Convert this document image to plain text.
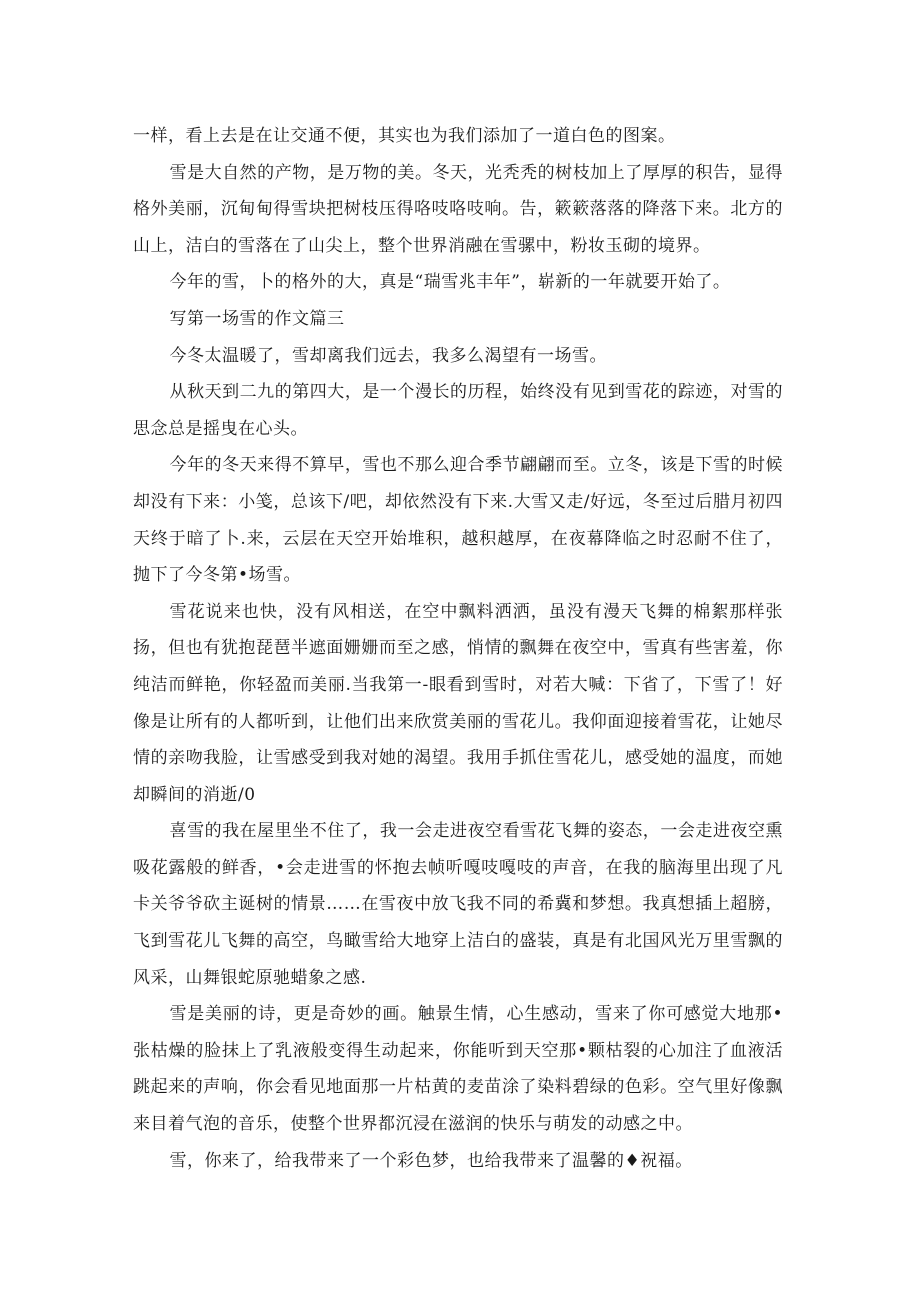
一样，看上去是在让交通不便，其实也为我们添加了一道白色的图案。

雪是大自然的产物，是万物的美。冬天，光秃秃的树枝加上了厚厚的积告，显得格外美丽，沉甸甸得雪块把树枝压得咯吱咯吱响。告，簌簌落落的降落下来。北方的山上，洁白的雪落在了山尖上，整个世界消融在雪骡中，粉妆玉砌的境界。

今年的雪，卜的格外的大，真是“瑞雪兆丰年”，崭新的一年就要开始了。

写第一场雪的作文篇三

今冬太温暖了，雪却离我们远去，我多么渴望有一场雪。

从秋天到二九的第四大，是一个漫长的历程，始终没有见到雪花的踪迹，对雪的思念总是摇曳在心头。

今年的冬天来得不算早，雪也不那么迎合季节翩翩而至。立冬，该是下雪的时候却没有下来：小笺，总该下/吧，却依然没有下来.大雪又走/好远，冬至过后腊月初四天终于暗了卜.来，云层在天空开始堆积，越积越厚，在夜幕降临之时忍耐不住了，抛下了今冬第•场雪。

雪花说来也快，没有风相送，在空中飘料洒洒，虽没有漫天飞舞的棉絮那样张扬，但也有犹抱琵琶半遮面姗姗而至之感，悄情的飘舞在夜空中，雪真有些害羞，你纯洁而鲜艳，你轻盈而美丽.当我第一-眼看到雪时，对若大喊：下省了，下雪了！好像是让所有的人都听到，让他们出来欣赏美丽的雪花儿。我仰面迎接着雪花，让她尽情的亲吻我脸，让雪感受到我对她的渴望。我用手抓住雪花儿，感受她的温度，而她却瞬间的消逝/0

喜雪的我在屋里坐不住了，我一会走进夜空看雪花飞舞的姿态，一会走进夜空熏吸花露般的鲜香，•会走进雪的怀抱去帧听嘎吱嘎吱的声音，在我的脑海里出现了凡卡关爷爷砍主诞树的情景……在雪夜中放飞我不同的希冀和梦想。我真想插上超膀，飞到雪花儿飞舞的高空，鸟瞰雪给大地穿上洁白的盛装，真是有北国风光万里雪飘的风采，山舞银蛇原驰蜡象之感.

雪是美丽的诗，更是奇妙的画。触景生情，心生感动，雪来了你可感觉大地那•张枯燥的脸抹上了乳液般变得生动起来，你能听到天空那•颗枯裂的心加注了血液活跳起来的声响，你会看见地面那一片枯黄的麦苗涂了染料碧绿的色彩。空气里好像飘来目着气泡的音乐，使整个世界都沉浸在滋润的快乐与萌发的动感之中。

雪，你来了，给我带来了一个彩色梦，也给我带来了温馨的♦祝福。
